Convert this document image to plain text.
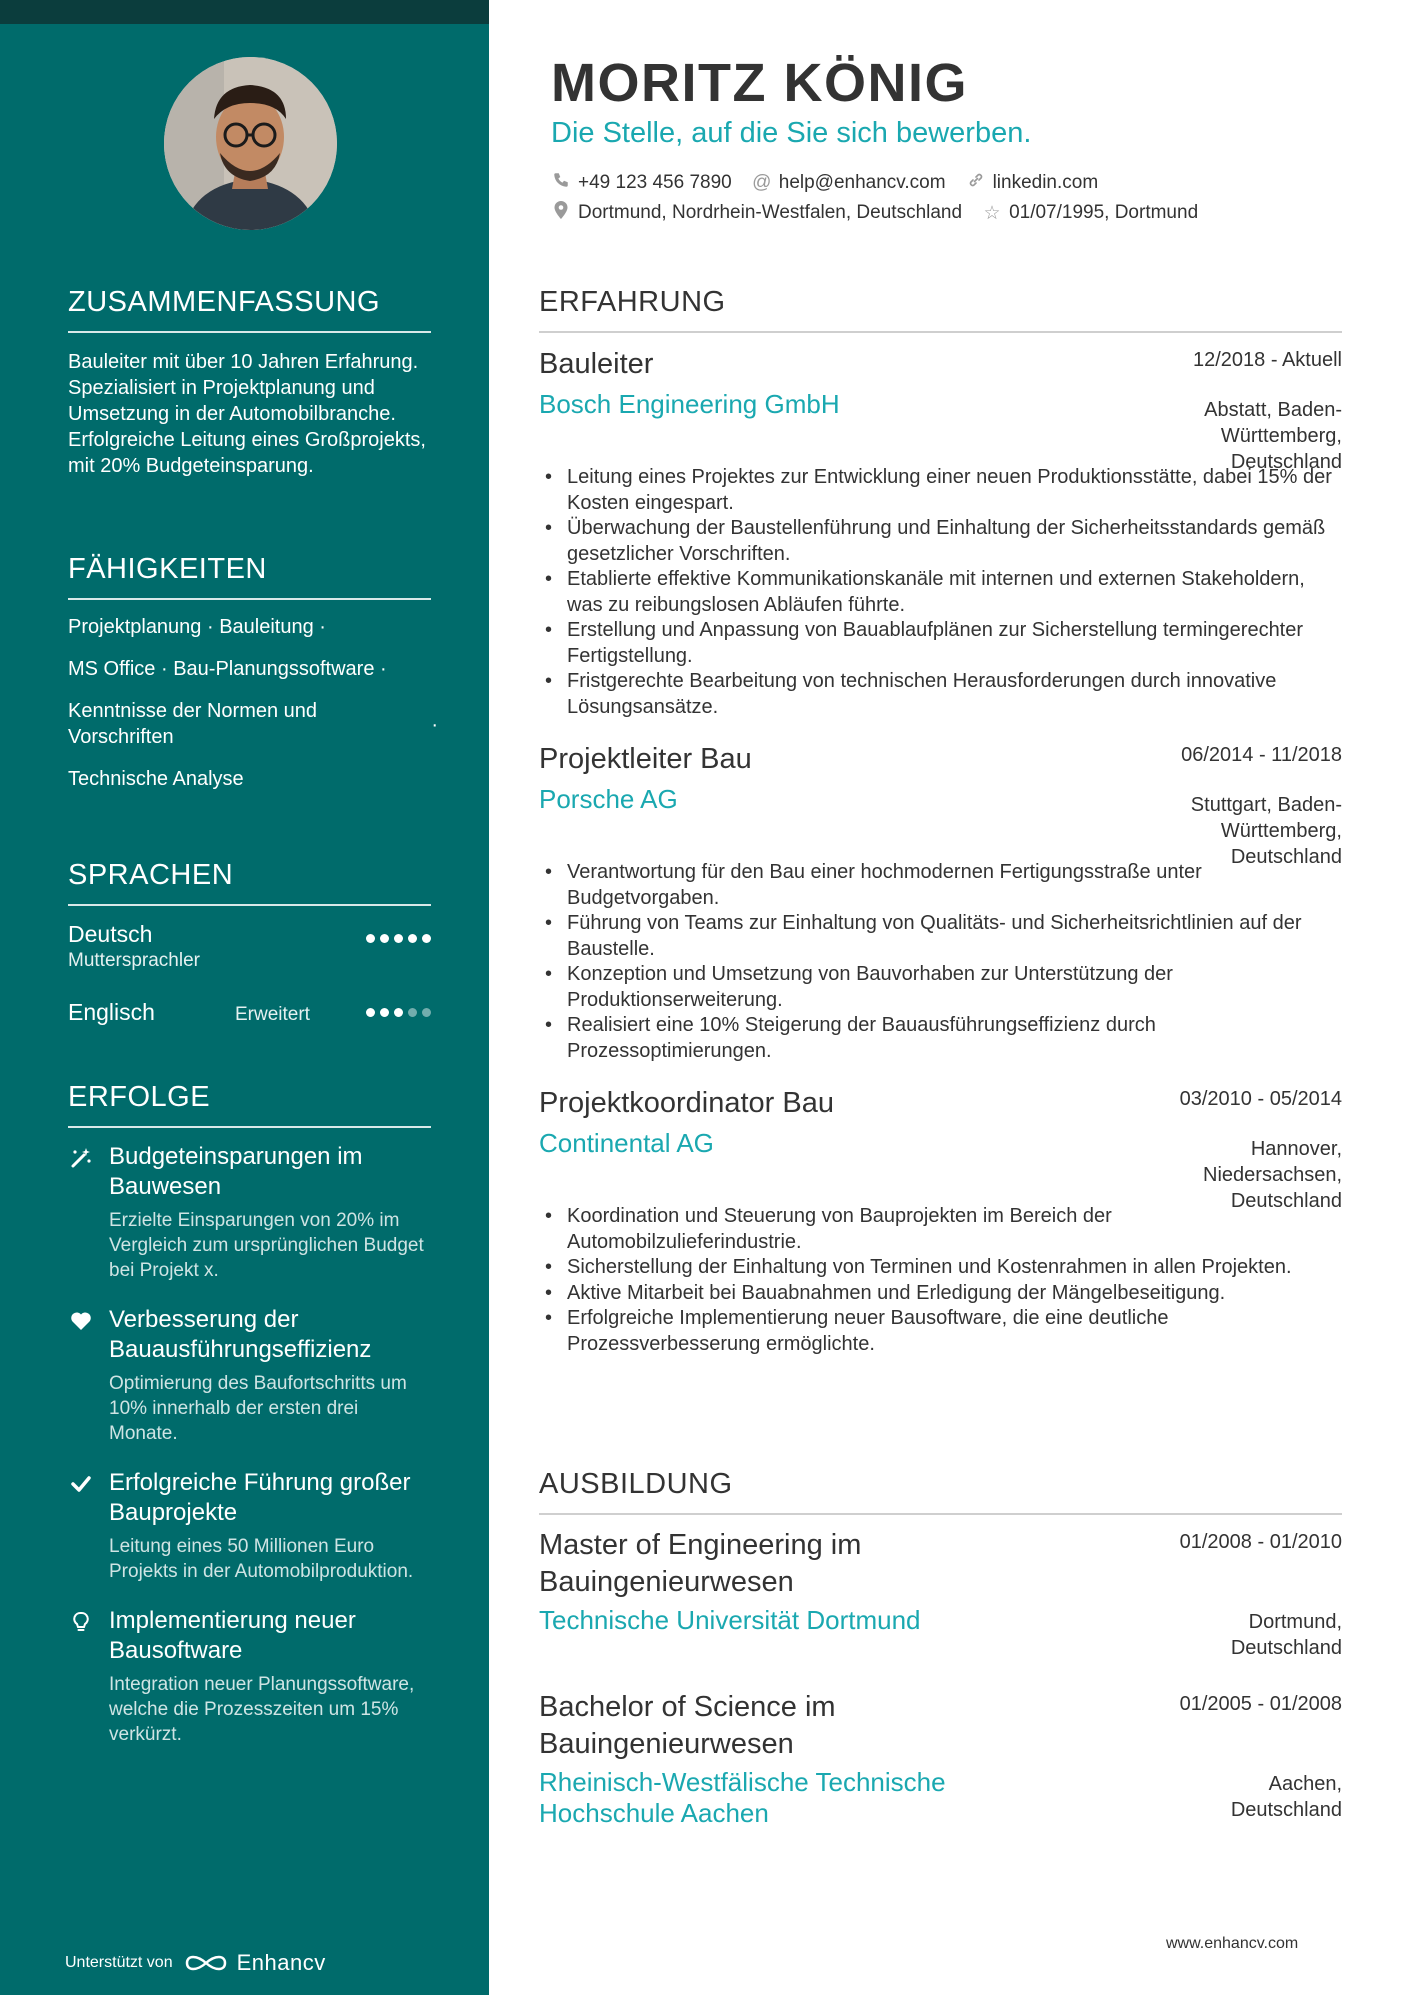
ZUSAMMENFASSUNG
Bauleiter mit über 10 Jahren Erfahrung. Spezialisiert in Projektplanung und Umsetzung in der Automobilbranche. Erfolgreiche Leitung eines Großprojekts, mit 20% Budgeteinsparung.
FÄHIGKEITEN
Projektplanung · Bauleitung ·
MS Office · Bau-Planungssoftware ·
Kenntnisse der Normen und Vorschriften
·
Technische Analyse
SPRACHEN
Deutsch
Muttersprachler
Englisch	Erweitert
ERFOLGE
Budgeteinsparungen im Bauwesen
Erzielte Einsparungen von 20% im Vergleich zum ursprünglichen Budget bei Projekt x.
Verbesserung der Bauausführungseffizienz
Optimierung des Baufortschritts um 10% innerhalb der ersten drei Monate.
Erfolgreiche Führung großer Bauprojekte
Leitung eines 50 Millionen Euro Projekts in der Automobilproduktion.
Implementierung neuer Bausoftware
Integration neuer Planungssoftware, welche die Prozesszeiten um 15% verkürzt.
Unterstützt von	Enhancv
MORITZ KÖNIG
Die Stelle, auf die Sie sich bewerben.
+49 123 456 7890 @ help@enhancv.com linkedin.com
Dortmund, Nordrhein-Westfalen, Deutschland ☆ 01/07/1995, Dortmund
ERFAHRUNG
Bauleiter	12/2018 - Aktuell
Bosch Engineering GmbH	Abstatt, Baden-Württemberg, Deutschland
• Leitung eines Projektes zur Entwicklung einer neuen Produktionsstätte, dabei 15% der Kosten eingespart.
• Überwachung der Baustellenführung und Einhaltung der Sicherheitsstandards gemäß gesetzlicher Vorschriften.
• Etablierte effektive Kommunikationskanäle mit internen und externen Stakeholdern, was zu reibungslosen Abläufen führte.
• Erstellung und Anpassung von Bauablaufplänen zur Sicherstellung termingerechter Fertigstellung.
• Fristgerechte Bearbeitung von technischen Herausforderungen durch innovative Lösungsansätze.
Projektleiter Bau	06/2014 - 11/2018
Porsche AG	Stuttgart, Baden-Württemberg, Deutschland
• Verantwortung für den Bau einer hochmodernen Fertigungsstraße unter Budgetvorgaben.
• Führung von Teams zur Einhaltung von Qualitäts- und Sicherheitsrichtlinien auf der Baustelle.
• Konzeption und Umsetzung von Bauvorhaben zur Unterstützung der Produktionserweiterung.
• Realisiert eine 10% Steigerung der Bauausführungseffizienz durch Prozessoptimierungen.
Projektkoordinator Bau	03/2010 - 05/2014
Continental AG	Hannover, Niedersachsen, Deutschland
• Koordination und Steuerung von Bauprojekten im Bereich der Automobilzulieferindustrie.
• Sicherstellung der Einhaltung von Terminen und Kostenrahmen in allen Projekten.
• Aktive Mitarbeit bei Bauabnahmen und Erledigung der Mängelbeseitigung.
• Erfolgreiche Implementierung neuer Bausoftware, die eine deutliche Prozessverbesserung ermöglichte.
AUSBILDUNG
Master of Engineering im Bauingenieurwesen
01/2008 - 01/2010
Technische Universität Dortmund	Dortmund, Deutschland
Bachelor of Science im Bauingenieurwesen
01/2005 - 01/2008
Rheinisch-Westfälische Technische Hochschule Aachen
Aachen, Deutschland
www.enhancv.com
